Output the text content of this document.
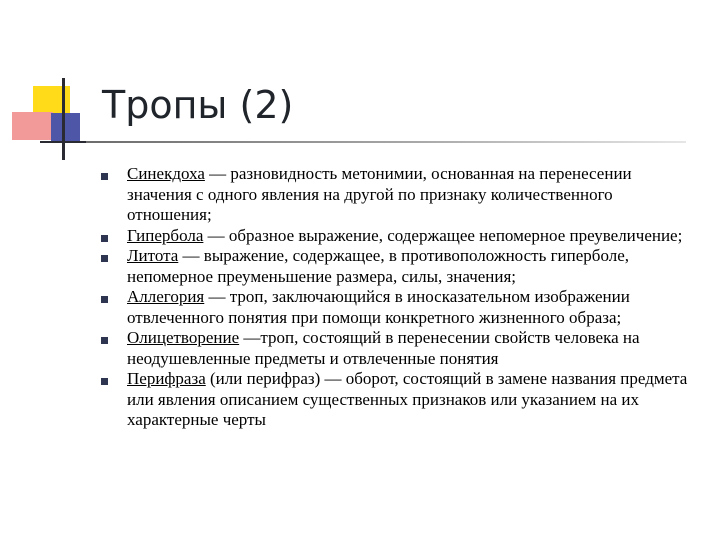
Тропы (2)
Синекдоха — разновидность метонимии, основанная на перенесении значения с одного явления на другой по признаку количественного отношения;
Гипербола — образное выражение, содержащее непомерное преувеличение;
Литота — выражение, содержащее, в противоположность гиперболе, непомерное преуменьшение размера, силы, значения;
Аллегория — троп, заключающийся в иносказательном изображении отвлеченного понятия при помощи конкретного жизненного образа;
Олицетворение —троп, состоящий в перенесении свойств человека на неодушевленные предметы и отвлеченные понятия
Перифраза (или перифраз) — оборот, состоящий в замене названия предмета или явления описанием существенных признаков или указанием на их характерные черты
